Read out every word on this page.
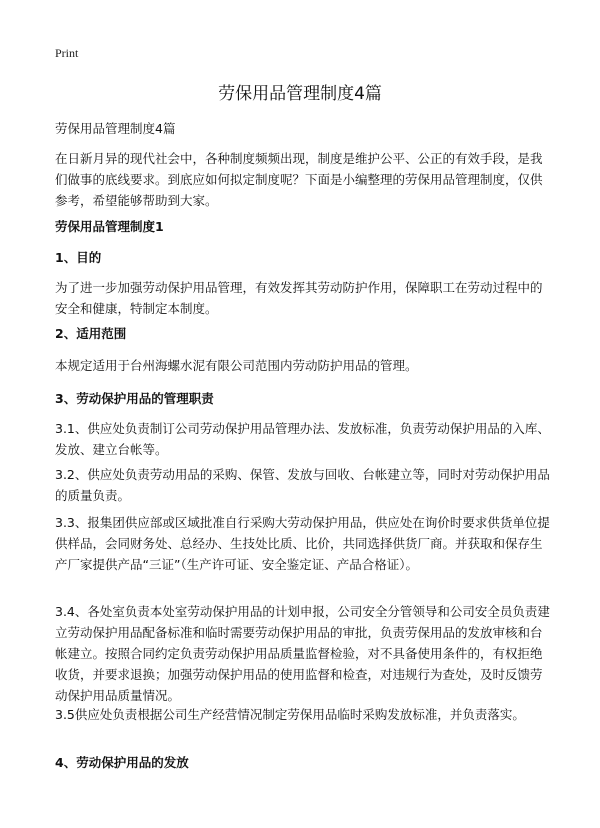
Print
劳保用品管理制度4篇

劳保用品管理制度4篇

在日新月异的现代社会中，各种制度频频出现，制度是维护公平、公正的有效手段，是我们做事的底线要求。到底应如何拟定制度呢？下面是小编整理的劳保用品管理制度，仅供参考，希望能够帮助到大家。

劳保用品管理制度1

1、目的

为了进一步加强劳动保护用品管理，有效发挥其劳动防护作用，保障职工在劳动过程中的安全和健康，特制定本制度。

2、适用范围

本规定适用于台州海螺水泥有限公司范围内劳动防护用品的管理。

3、劳动保护用品的管理职责

3.1、供应处负责制订公司劳动保护用品管理办法、发放标准，负责劳动保护用品的入库、发放、建立台帐等。

3.2、供应处负责劳动用品的采购、保管、发放与回收、台帐建立等，同时对劳动保护用品的质量负责。

3.3、报集团供应部或区域批准自行采购大劳动保护用品，供应处在询价时要求供货单位提供样品，会同财务处、总经办、生技处比质、比价，共同选择供货厂商。并获取和保存生产厂家提供产品“三证”（生产许可证、安全鉴定证、产品合格证）。

3.4、各处室负责本处室劳动保护用品的计划申报，公司安全分管领导和公司安全员负责建立劳动保护用品配备标准和临时需要劳动保护用品的审批，负责劳保用品的发放审核和台帐建立。按照合同约定负责劳动保护用品质量监督检验，对不具备使用条件的，有权拒绝收货，并要求退换；加强劳动保护用品的使用监督和检查，对违规行为查处，及时反馈劳动保护用品质量情况。

3.5供应处负责根据公司生产经营情况制定劳保用品临时采购发放标准，并负责落实。

4、劳动保护用品的发放
